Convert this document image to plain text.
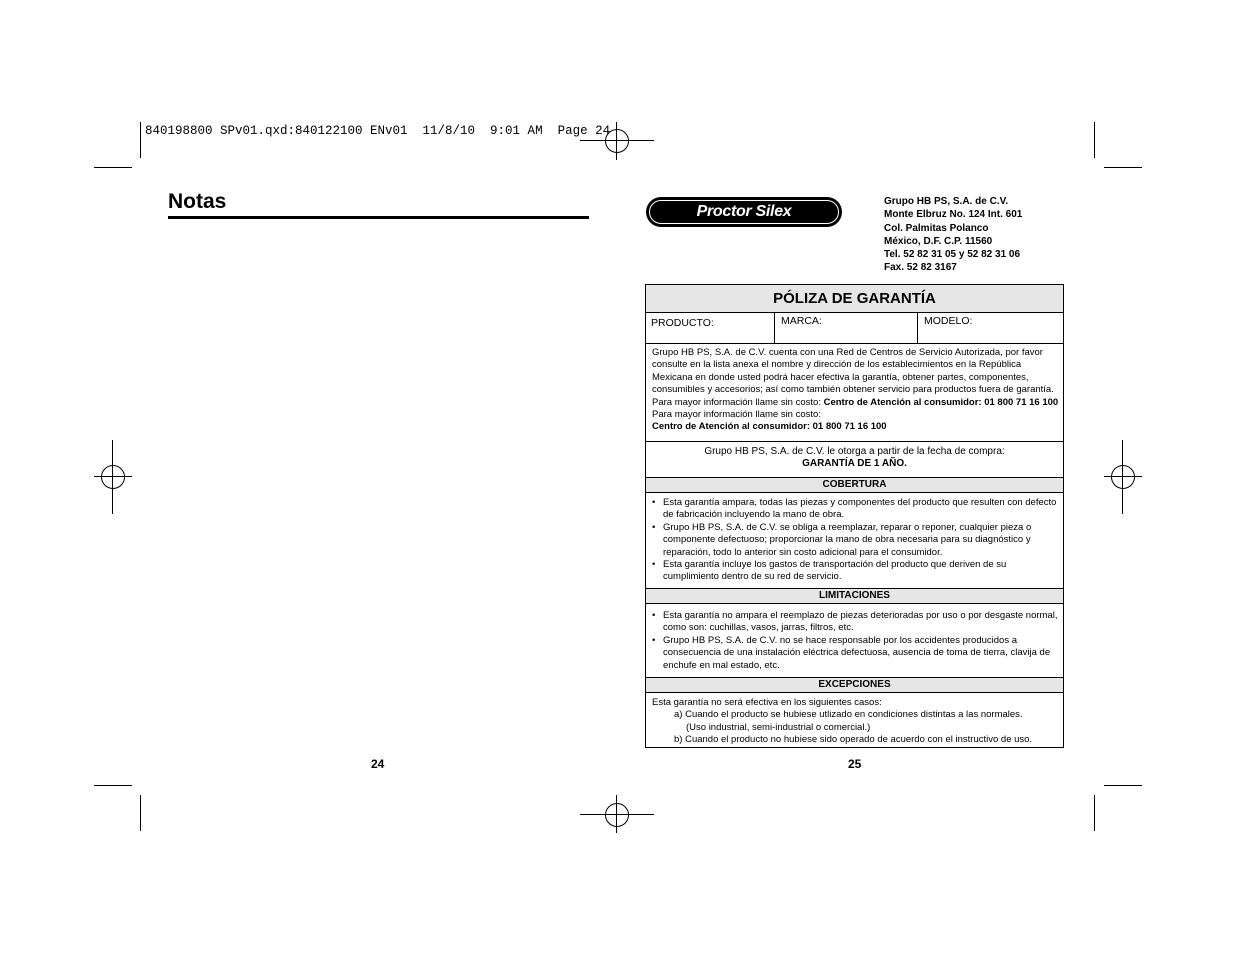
840198800 SPv01.qxd:840122100 ENv01  11/8/10  9:01 AM  Page 24
Notas
24
Proctor Silex
Grupo HB PS, S.A. de C.V.
Monte Elbruz No. 124 Int. 601
Col. Palmitas Polanco
México, D.F. C.P. 11560
Tel. 52 82 31 05 y 52 82 31 06
Fax. 52 82 3167
PÓLIZA DE GARANTÍA
PRODUCTO:	MARCA:	MODELO:
Grupo HB PS, S.A. de C.V. cuenta con una Red de Centros de Servicio Autorizada, por favor consulte en la lista anexa el nombre y dirección de los establecimientos en la República Mexicana en donde usted podrá hacer efectiva la garantía, obtener partes, componentes, consumibles y accesorios; así como también obtener servicio para productos fuera de garantía. Para mayor información llame sin costo: Centro de Atención al consumidor: 01 800 71 16 100 Para mayor información llame sin costo:
Centro de Atención al consumidor: 01 800 71 16 100
Grupo HB PS, S.A. de C.V. le otorga a partir de la fecha de compra:
GARANTÍA DE 1 AÑO.
COBERTURA
• Esta garantía ampara, todas las piezas y componentes del producto que resulten con defecto de fabricación incluyendo la mano de obra.
• Grupo HB PS, S.A. de C.V. se obliga a reemplazar, reparar o reponer, cualquier pieza o componente defectuoso; proporcionar la mano de obra necesaria para su diagnóstico y reparación, todo lo anterior sin costo adicional para el consumidor.
• Esta garantía incluye los gastos de transportación del producto que deriven de su cumplimiento dentro de su red de servicio.
LIMITACIONES
• Esta garantía no ampara el reemplazo de piezas deterioradas por uso o por desgaste normal, como son: cuchillas, vasos, jarras, filtros, etc.
• Grupo HB PS, S.A. de C.V. no se hace responsable por los accidentes producidos a consecuencia de una instalación eléctrica defectuosa, ausencia de toma de tierra, clavija de enchufe en mal estado, etc.
EXCEPCIONES
Esta garantía no será efectiva en los siguientes casos:
a) Cuando el producto se hubiese utlizado en condiciones distintas a las normales.
(Uso industrial, semi-industrial o comercial.)
b) Cuando el producto no hubiese sido operado de acuerdo con el instructivo de uso.
25
